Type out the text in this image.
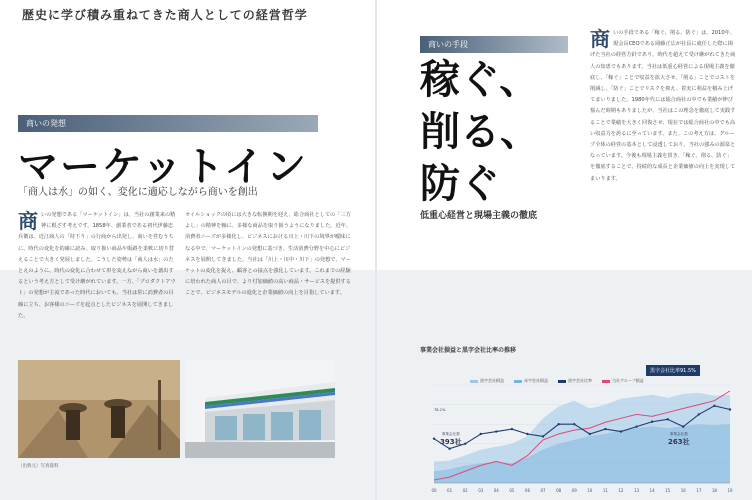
歴史に学び積み重ねてきた商人としての経営哲学
商いの発想
マーケットイン
「商人は水」の如く、変化に適応しながら商いを創出
商 いの発想である「マーケットイン」は、当社の創業来の精神に根ざす考えです。1858年、創業者である初代伊藤忠兵衛は、近江商人の「持下り」の行商から出発し、商いを営むうちに、時代の変化を的確に読み、取り扱い商品や販路を柔軟に切り替えることで大きく発展しました。こうした姿勢は「商人は水」のたとえのように、時代の変化に合わせて形を変えながら商いを創出するという考え方として受け継がれています。一方、「プロダクトアウト」の発想が主流であった時代においても、当社は常に消費者の目線に立ち、お客様のニーズを起点としたビジネスを展開してきました。
オイルショックの頃には大きな転換期を迎え、総合商社としての「三方よし」の精神を軸に、多様な商品を取り扱うようになりました。近年、消費者ニーズが多様化し、ビジネスにおける川上・川下の境界が曖昧になる中で、マーケットインの発想に基づき、生活消費分野を中心にビジネスを展開してきました。当社は「川上・川中・川下」の発想で、マーケットの変化を捉え、顧客との接点を強化しています。これまでの経験に培われた商人の目で、より付加価値の高い商品・サービスを提供することで、ビジネスモデルの進化と企業価値の向上を目指しています。
（出典元）写真資料
商いの手段
稼ぐ、
削る、
防ぐ
低重心経営と現場主義の徹底
商 いの手段である「稼ぐ、削る、防ぐ」は、2010年、現会長CEOである岡藤正広が社長に就任した際に掲げた当社の経営方針であり、時代を超えて受け継がれてきた商人の知恵でもあります。当社は低重心経営による現場主義を徹底し、「稼ぐ」ことで収益を拡大させ、「削る」ことでコストを削減し、「防ぐ」ことでリスクを抑え、着実に利益を積み上げてまいりました。1980年代には総合商社の中でも業績が伸び悩んだ時期もありましたが、当社はこの理念を徹底して実践することで業績を大きく回復させ、現在では総合商社の中でも高い収益力を誇るに至っています。また、この考え方は、グループ全体の経営の基本として浸透しており、当社の強みの源泉となっています。今後も現場主義を貫き、「稼ぐ、削る、防ぐ」を徹底することで、持続的な成長と企業価値の向上を実現してまいります。
事業会社損益と黒字会社比率の推移
黒字会社損益	赤字会社損益	黒字会社比率	当社グループ損益
00	01	02	03	04	05	06	07	08	09	10	11	12	13	14	15	16	17	18	19
黒字会社比率91.5%
事業会社数
393社
事業会社数
263社
78.1%
